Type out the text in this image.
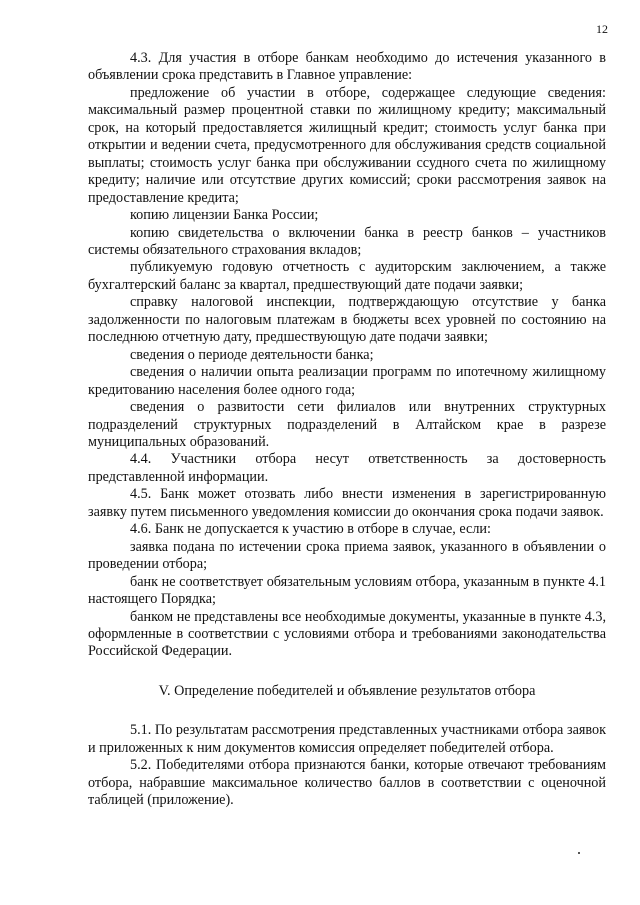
12

4.3. Для участия в отборе банкам необходимо до истечения указанного в объявлении срока представить в Главное управление:

предложение об участии в отборе, содержащее следующие сведения: максимальный размер процентной ставки по жилищному кредиту; максимальный срок, на который предоставляется жилищный кредит; стоимость услуг банка при открытии и ведении счета, предусмотренного для обслуживания средств социальной выплаты; стоимость услуг банка при обслуживании ссудного счета по жилищному кредиту; наличие или отсутствие других комиссий; сроки рассмотрения заявок на предоставление кредита;

копию лицензии Банка России;

копию свидетельства о включении банка в реестр банков – участников системы обязательного страхования вкладов;

публикуемую годовую отчетность с аудиторским заключением, а также бухгалтерский баланс за квартал, предшествующий дате подачи заявки;

справку налоговой инспекции, подтверждающую отсутствие у банка задолженности по налоговым платежам в бюджеты всех уровней по состоянию на последнюю отчетную дату, предшествующую дате подачи заявки;

сведения о периоде деятельности банка;

сведения о наличии опыта реализации программ по ипотечному жилищному кредитованию населения более одного года;

сведения о развитости сети филиалов или внутренних структурных подразделений структурных подразделений в Алтайском крае в разрезе муниципальных образований.

4.4. Участники отбора несут ответственность за достоверность представленной информации.

4.5. Банк может отозвать либо внести изменения в зарегистрированную заявку путем письменного уведомления комиссии до окончания срока подачи заявок.

4.6. Банк не допускается к участию в отборе в случае, если:

заявка подана по истечении срока приема заявок, указанного в объявлении о проведении отбора;

банк не соответствует обязательным условиям отбора, указанным в пункте 4.1 настоящего Порядка;

банком не представлены все необходимые документы, указанные в пункте 4.3, оформленные в соответствии с условиями отбора и требованиями законодательства Российской Федерации.

V. Определение победителей и объявление результатов отбора

5.1. По результатам рассмотрения представленных участниками отбора заявок и приложенных к ним документов комиссия определяет победителей отбора.

5.2. Победителями отбора признаются банки, которые отвечают требованиям отбора, набравшие максимальное количество баллов в соответствии с оценочной таблицей (приложение).
